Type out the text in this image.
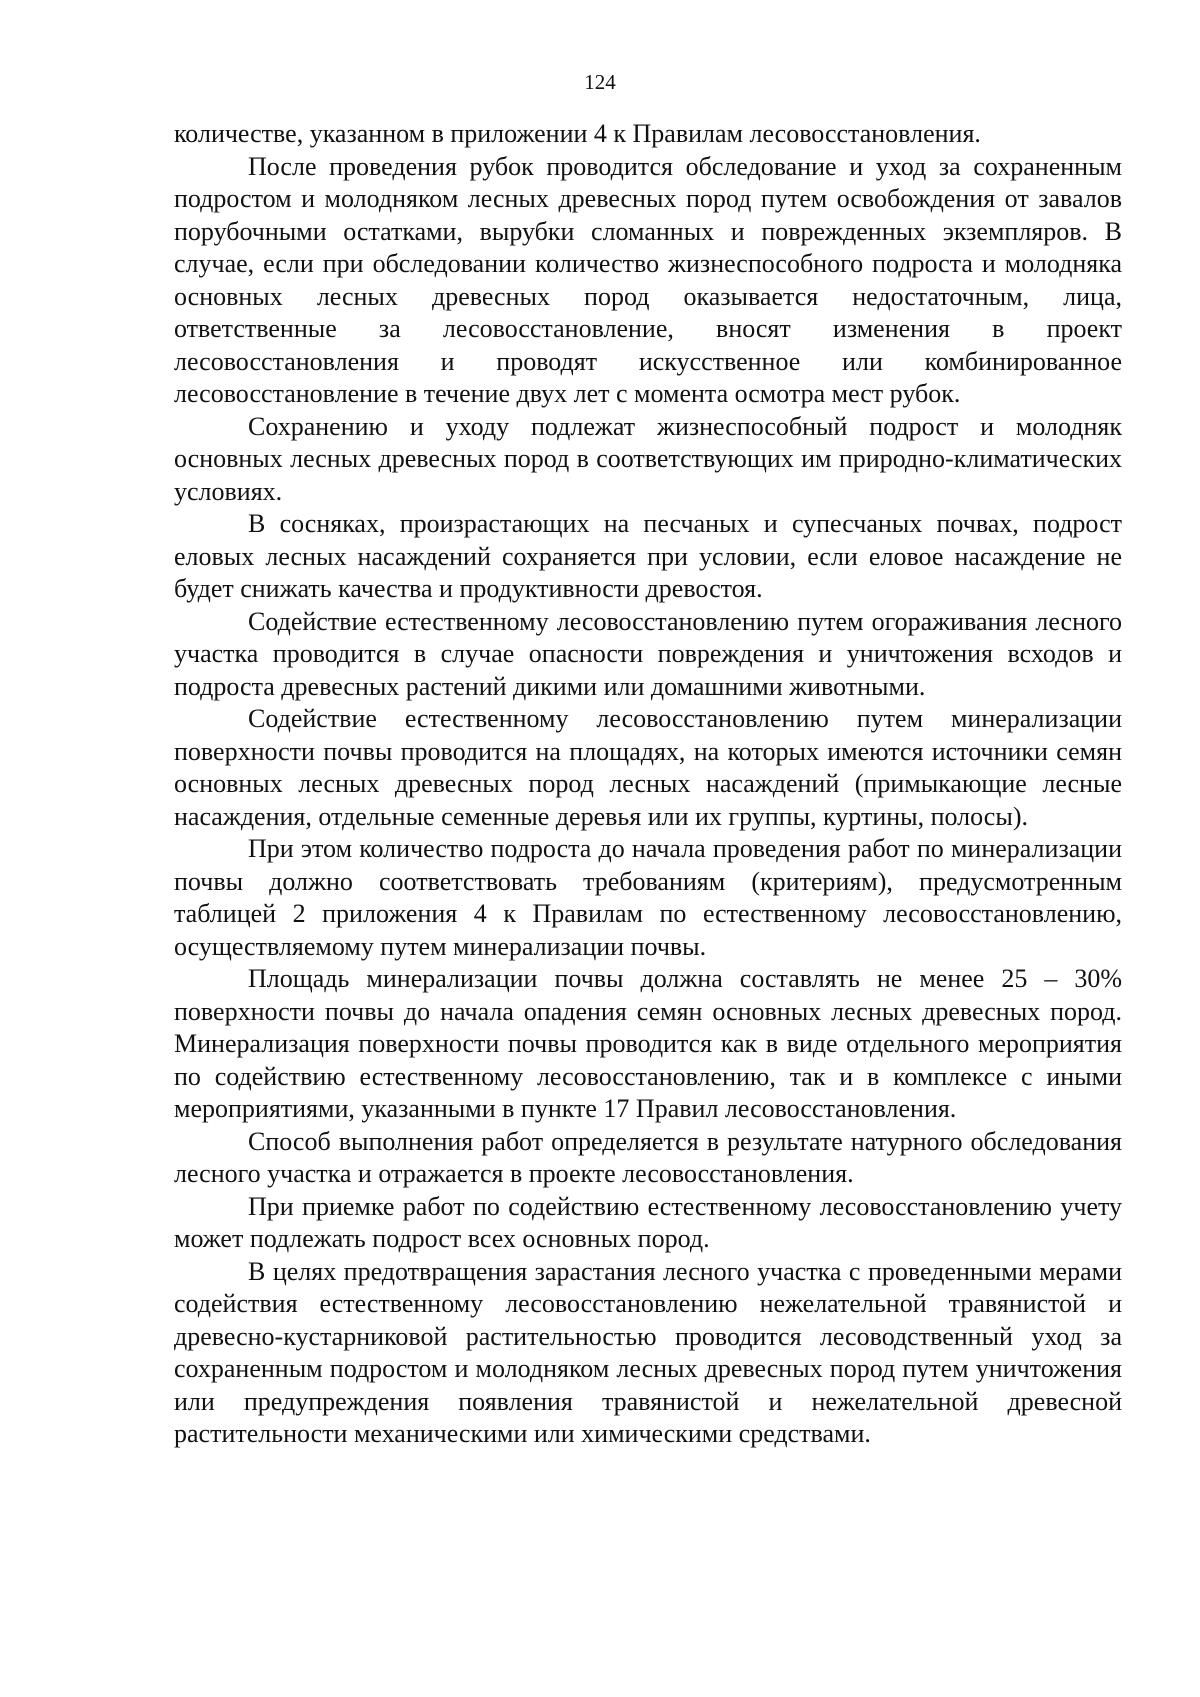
124

количестве, указанном в приложении 4 к Правилам лесовосстановления.

После проведения рубок проводится обследование и уход за сохраненным подростом и молодняком лесных древесных пород путем освобождения от завалов порубочными остатками, вырубки сломанных и поврежденных экземпляров. В случае, если при обследовании количество жизнеспособного подроста и молодняка основных лесных древесных пород оказывается недостаточным, лица, ответственные за лесовосстановление, вносят изменения в проект лесовосстановления и проводят искусственное или комбинированное лесовосстановление в течение двух лет с момента осмотра мест рубок.

Сохранению и уходу подлежат жизнеспособный подрост и молодняк основных лесных древесных пород в соответствующих им природно-климатических условиях.

В сосняках, произрастающих на песчаных и супесчаных почвах, подрост еловых лесных насаждений сохраняется при условии, если еловое насаждение не будет снижать качества и продуктивности древостоя.

Содействие естественному лесовосстановлению путем огораживания лесного участка проводится в случае опасности повреждения и уничтожения всходов и подроста древесных растений дикими или домашними животными.

Содействие естественному лесовосстановлению путем минерализации поверхности почвы проводится на площадях, на которых имеются источники семян основных лесных древесных пород лесных насаждений (примыкающие лесные насаждения, отдельные семенные деревья или их группы, куртины, полосы).

При этом количество подроста до начала проведения работ по минерализации почвы должно соответствовать требованиям (критериям), предусмотренным таблицей 2 приложения 4 к Правилам по естественному лесовосстановлению, осуществляемому путем минерализации почвы.

Площадь минерализации почвы должна составлять не менее 25 – 30% поверхности почвы до начала опадения семян основных лесных древесных пород. Минерализация поверхности почвы проводится как в виде отдельного мероприятия по содействию естественному лесовосстановлению, так и в комплексе с иными мероприятиями, указанными в пункте 17 Правил лесовосстановления.

Способ выполнения работ определяется в результате натурного обследования лесного участка и отражается в проекте лесовосстановления.

При приемке работ по содействию естественному лесовосстановлению учету может подлежать подрост всех основных пород.

В целях предотвращения зарастания лесного участка с проведенными мерами содействия естественному лесовосстановлению нежелательной травянистой и древесно-кустарниковой растительностью проводится лесоводственный уход за сохраненным подростом и молодняком лесных древесных пород путем уничтожения или предупреждения появления травянистой и нежелательной древесной растительности механическими или химическими средствами.
